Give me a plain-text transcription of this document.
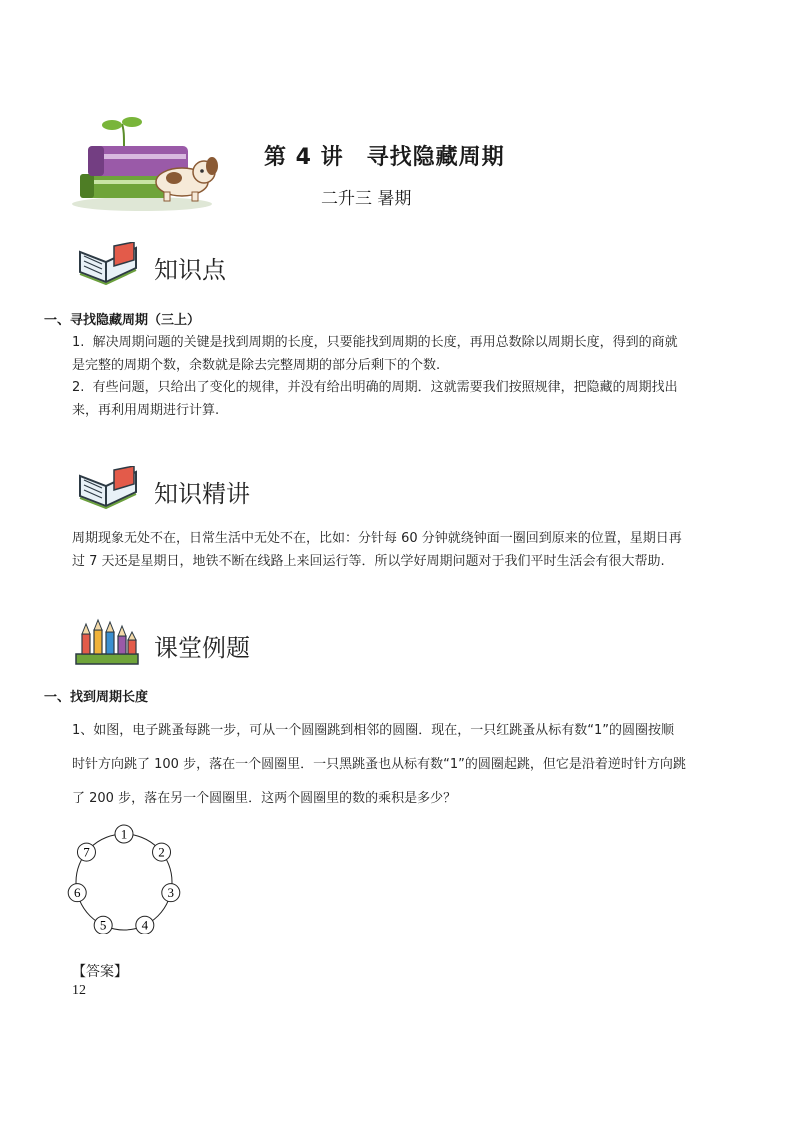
第 4 讲　寻找隐藏周期
二升三 暑期
知识点
一、寻找隐藏周期（三上）
1. 解决周期问题的关键是找到周期的长度，只要能找到周期的长度，再用总数除以周期长度，得到的商就
是完整的周期个数，余数就是除去完整周期的部分后剩下的个数.
2. 有些问题，只给出了变化的规律，并没有给出明确的周期．这就需要我们按照规律，把隐藏的周期找出
来，再利用周期进行计算.
知识精讲
周期现象无处不在，日常生活中无处不在，比如：分针每 60 分钟就绕钟面一圈回到原来的位置，星期日再
过 7 天还是星期日，地铁不断在线路上来回运行等．所以学好周期问题对于我们平时生活会有很大帮助.
课堂例题
一、找到周期长度
1、如图，电子跳蚤每跳一步，可从一个圆圈跳到相邻的圆圈．现在，一只红跳蚤从标有数“1”的圆圈按顺
时针方向跳了 100 步，落在一个圆圈里．一只黑跳蚤也从标有数“1”的圆圈起跳，但它是沿着逆时针方向跳
了 200 步，落在另一个圆圈里．这两个圆圈里的数的乘积是多少？
1
2
3
4
5
6
7
【答案】
12
